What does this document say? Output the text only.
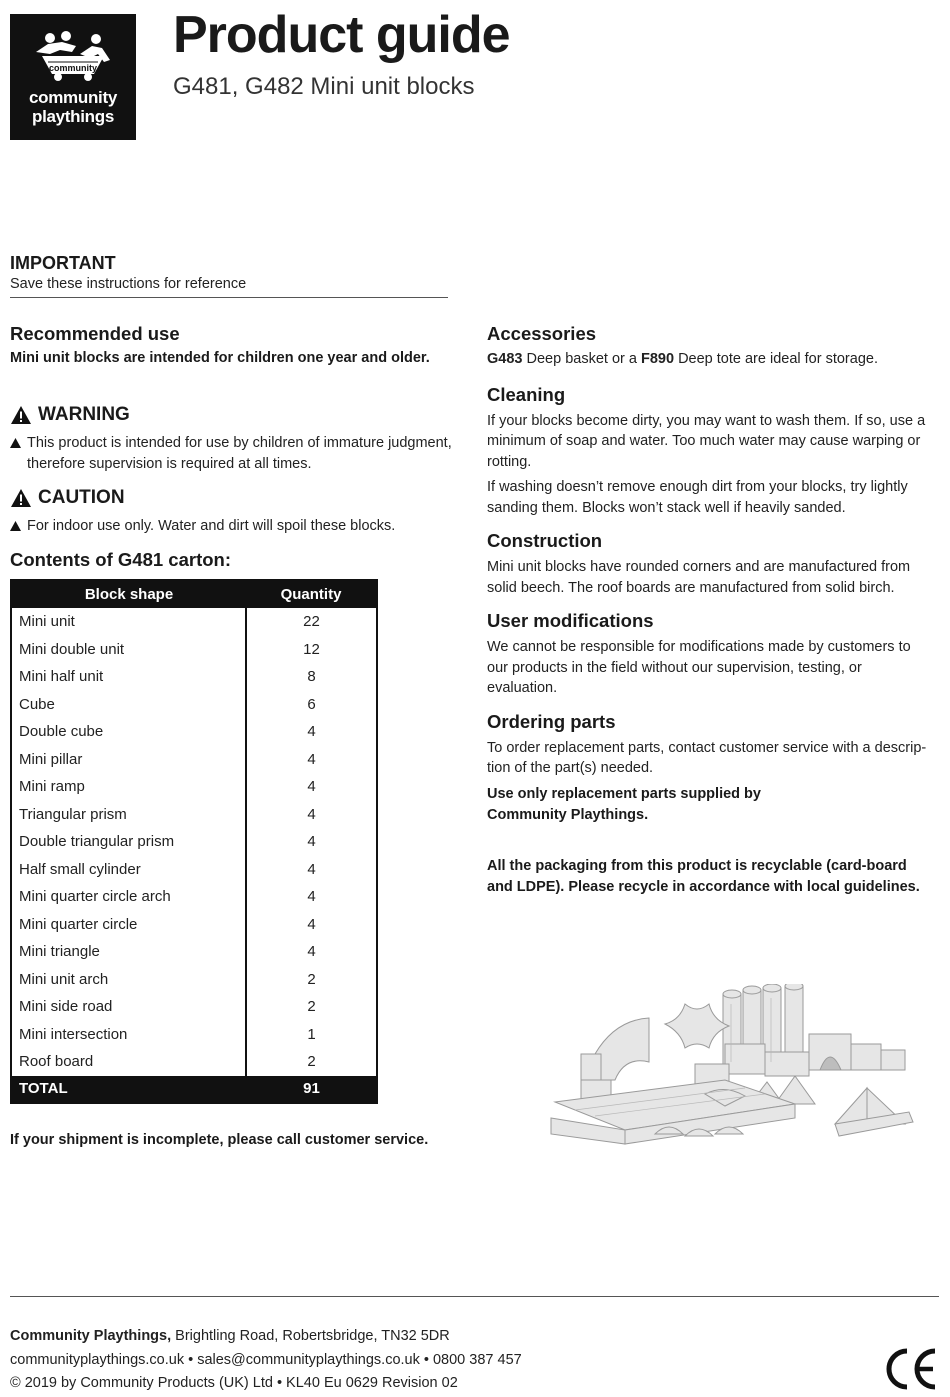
community
community
playthings
Product guide
G481, G482 Mini unit blocks
IMPORTANT
Save these instructions for reference
Recommended use

Mini unit blocks are intended for children one year and older.

WARNING
This product is intended for use by children of immature judgment, therefore supervision is required at all times.
CAUTION
For indoor use only. Water and dirt will spoil these blocks.
Contents of G481 carton:
Block shape	Quantity
Mini unit	22
Mini double unit	12
Mini half unit	8
Cube	6
Double cube	4
Mini pillar	4
Mini ramp	4
Triangular prism	4
Double triangular prism	4
Half small cylinder	4
Mini quarter circle arch	4
Mini quarter circle	4
Mini triangle	4
Mini unit arch	2
Mini side road	2
Mini intersection	1
Roof board	2
TOTAL	91
If your shipment is incomplete, please call customer service.
Accessories

G483 Deep basket or a F890 Deep tote are ideal for storage.

Cleaning

If your blocks become dirty, you may want to wash them. If so, use a minimum of soap and water. Too much water may cause warping or rotting.

If washing doesn’t remove enough dirt from your blocks, try lightly sanding them. Blocks won’t stack well if heavily sanded.

Construction

Mini unit blocks have rounded corners and are manufactured from solid beech. The roof boards are manufactured from solid birch.

User modifications

We cannot be responsible for modifications made by customers to our products in the field without our supervision, testing, or evaluation.

Ordering parts

To order replacement parts, contact customer service with a descrip-tion of the part(s) needed.

Use only replacement parts supplied by
Community Playthings.

All the packaging from this product is recyclable (card-board and LDPE). Please recycle in accordance with local guidelines.

Community Playthings, Brightling Road, Robertsbridge, TN32 5DR
communityplaythings.co.uk • sales@communityplaythings.co.uk • 0800 387 457
© 2019 by Community Products (UK) Ltd • KL40 Eu 0629 Revision 02
